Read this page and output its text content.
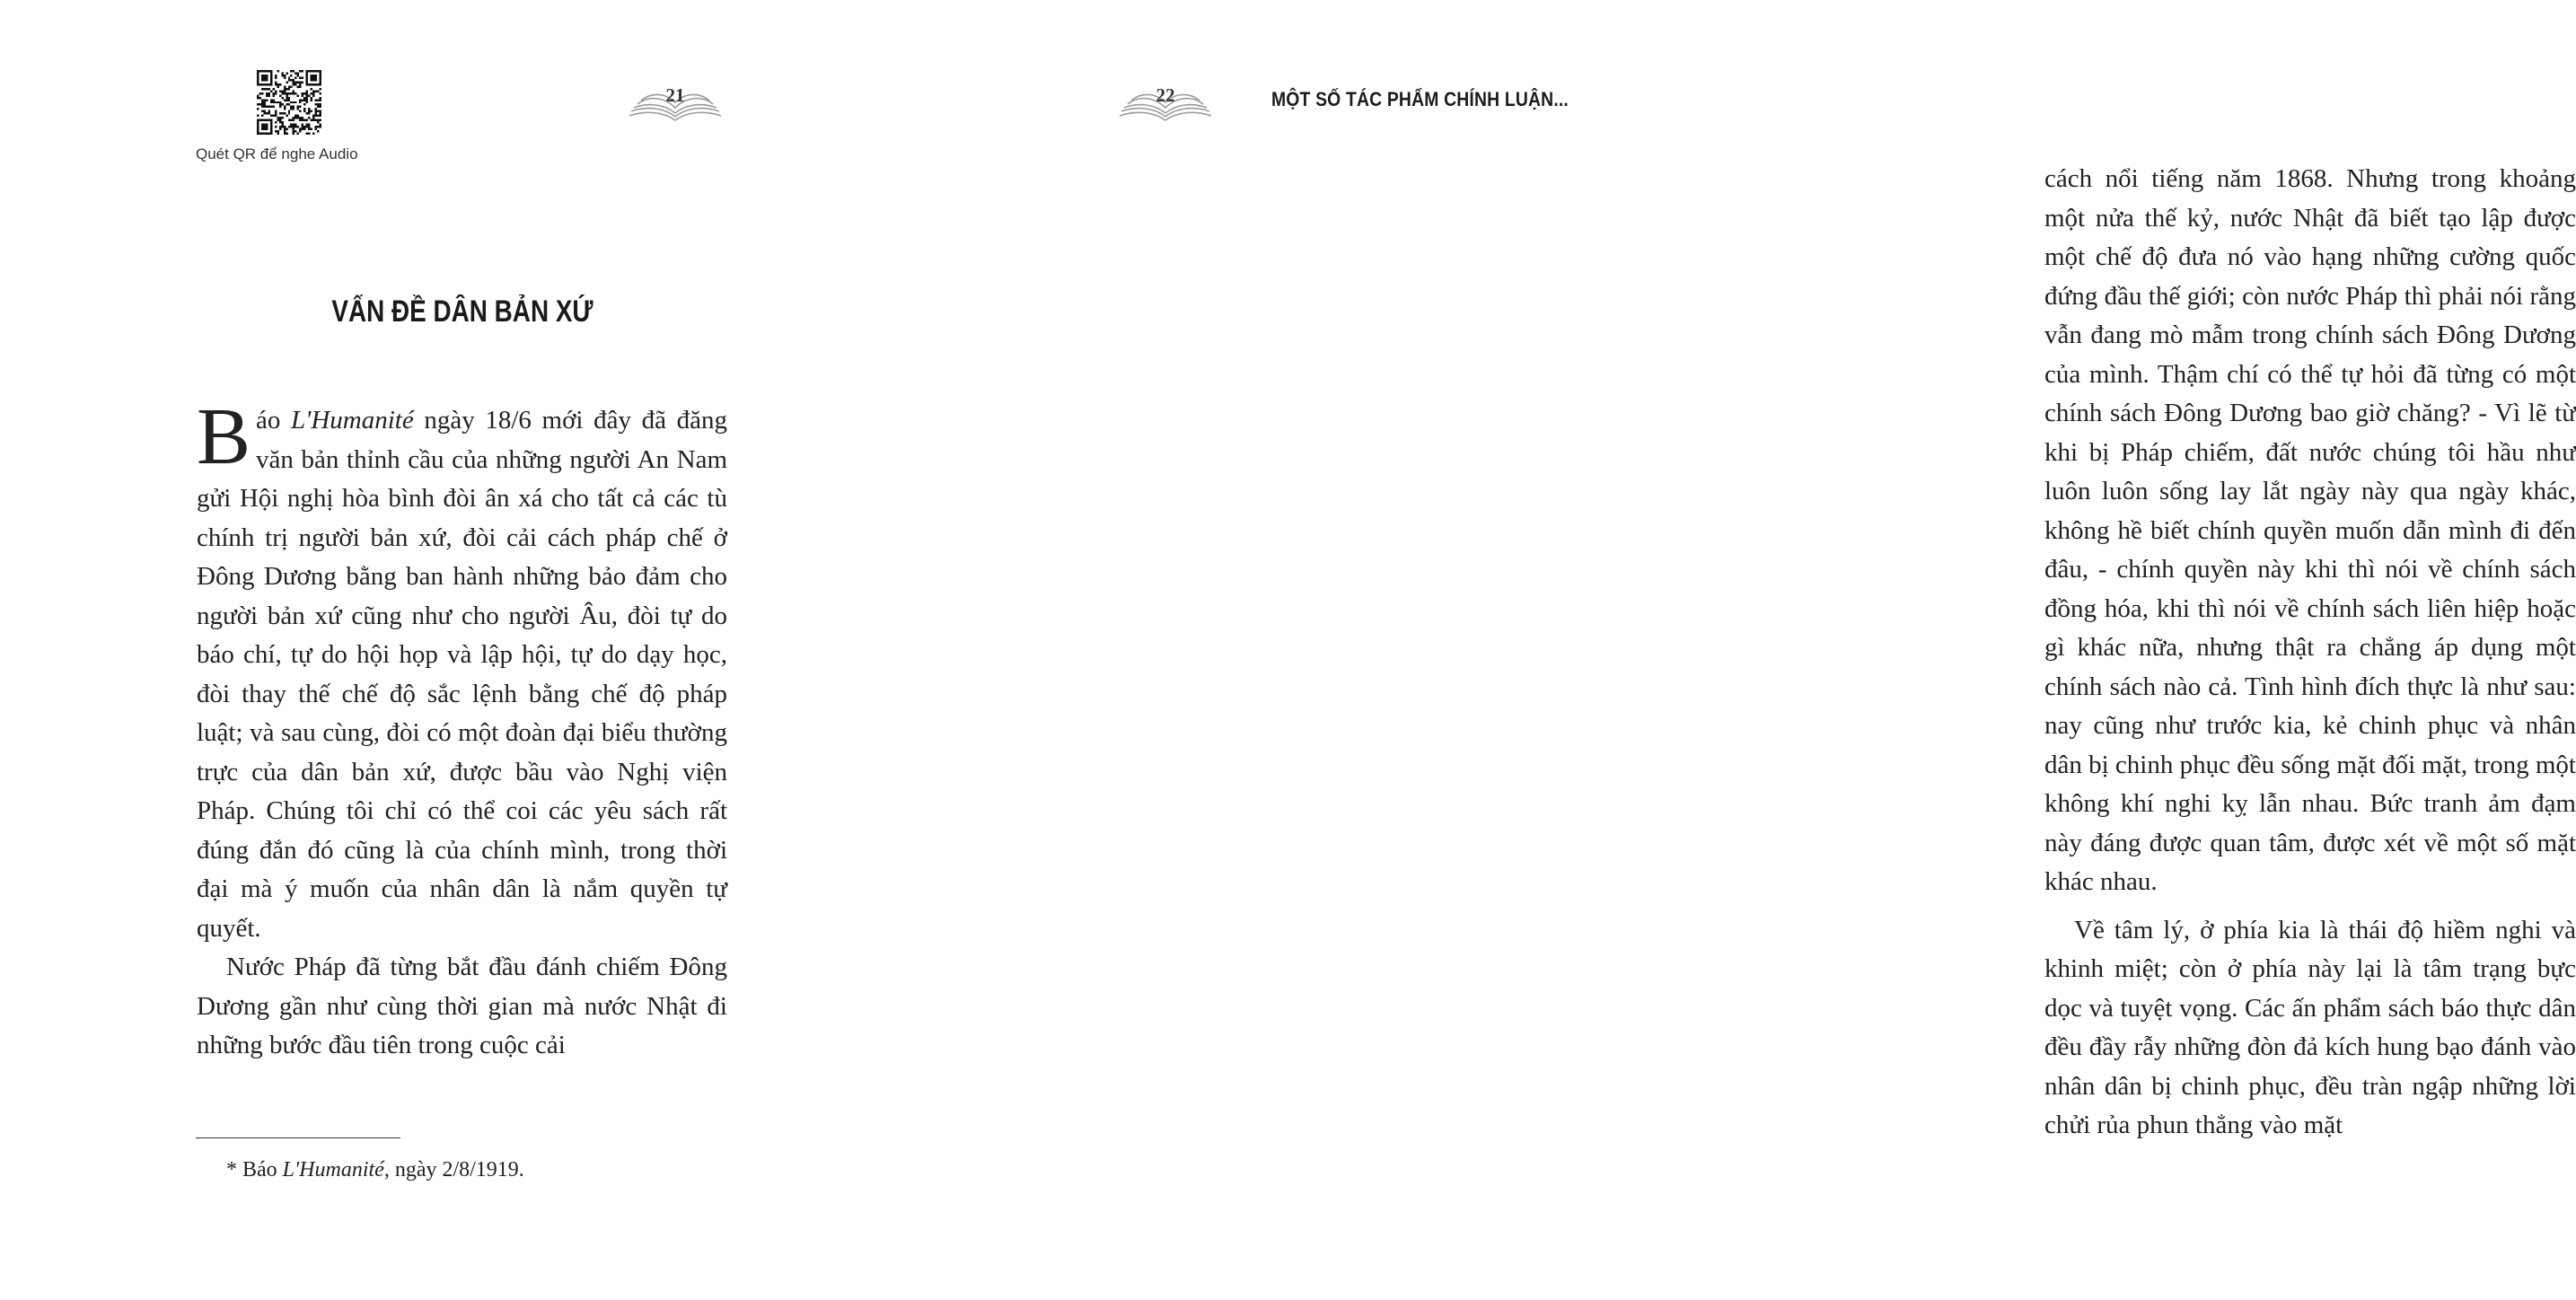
Quét QR để nghe Audio
21
VẤN ĐỀ DÂN BẢN XỨ

Báo L'Humanité ngày 18/6 mới đây đã đăng văn bản thỉnh cầu của những người An Nam gửi Hội nghị hòa bình đòi ân xá cho tất cả các tù chính trị người bản xứ, đòi cải cách pháp chế ở Đông Dương bằng ban hành những bảo đảm cho người bản xứ cũng như cho người Âu, đòi tự do báo chí, tự do hội họp và lập hội, tự do dạy học, đòi thay thế chế độ sắc lệnh bằng chế độ pháp luật; và sau cùng, đòi có một đoàn đại biểu thường trực của dân bản xứ, được bầu vào Nghị viện Pháp. Chúng tôi chỉ có thể coi các yêu sách rất đúng đắn đó cũng là của chính mình, trong thời đại mà ý muốn của nhân dân là nắm quyền tự quyết.

Nước Pháp đã từng bắt đầu đánh chiếm Đông Dương gần như cùng thời gian mà nước Nhật đi những bước đầu tiên trong cuộc cải

* Báo L'Humanité, ngày 2/8/1919.
22	MỘT SỐ TÁC PHẨM CHÍNH LUẬN...

cách nổi tiếng năm 1868. Nhưng trong khoảng một nửa thế kỷ, nước Nhật đã biết tạo lập được một chế độ đưa nó vào hạng những cường quốc đứng đầu thế giới; còn nước Pháp thì phải nói rằng vẫn đang mò mẫm trong chính sách Đông Dương của mình. Thậm chí có thể tự hỏi đã từng có một chính sách Đông Dương bao giờ chăng? - Vì lẽ từ khi bị Pháp chiếm, đất nước chúng tôi hầu như luôn luôn sống lay lắt ngày này qua ngày khác, không hề biết chính quyền muốn dẫn mình đi đến đâu, - chính quyền này khi thì nói về chính sách đồng hóa, khi thì nói về chính sách liên hiệp hoặc gì khác nữa, nhưng thật ra chẳng áp dụng một chính sách nào cả. Tình hình đích thực là như sau: nay cũng như trước kia, kẻ chinh phục và nhân dân bị chinh phục đều sống mặt đối mặt, trong một không khí nghi kỵ lẫn nhau. Bức tranh ảm đạm này đáng được quan tâm, được xét về một số mặt khác nhau.

Về tâm lý, ở phía kia là thái độ hiềm nghi và khinh miệt; còn ở phía này lại là tâm trạng bực dọc và tuyệt vọng. Các ấn phẩm sách báo thực dân đều đầy rẫy những đòn đả kích hung bạo đánh vào nhân dân bị chinh phục, đều tràn ngập những lời chửi rủa phun thẳng vào mặt
